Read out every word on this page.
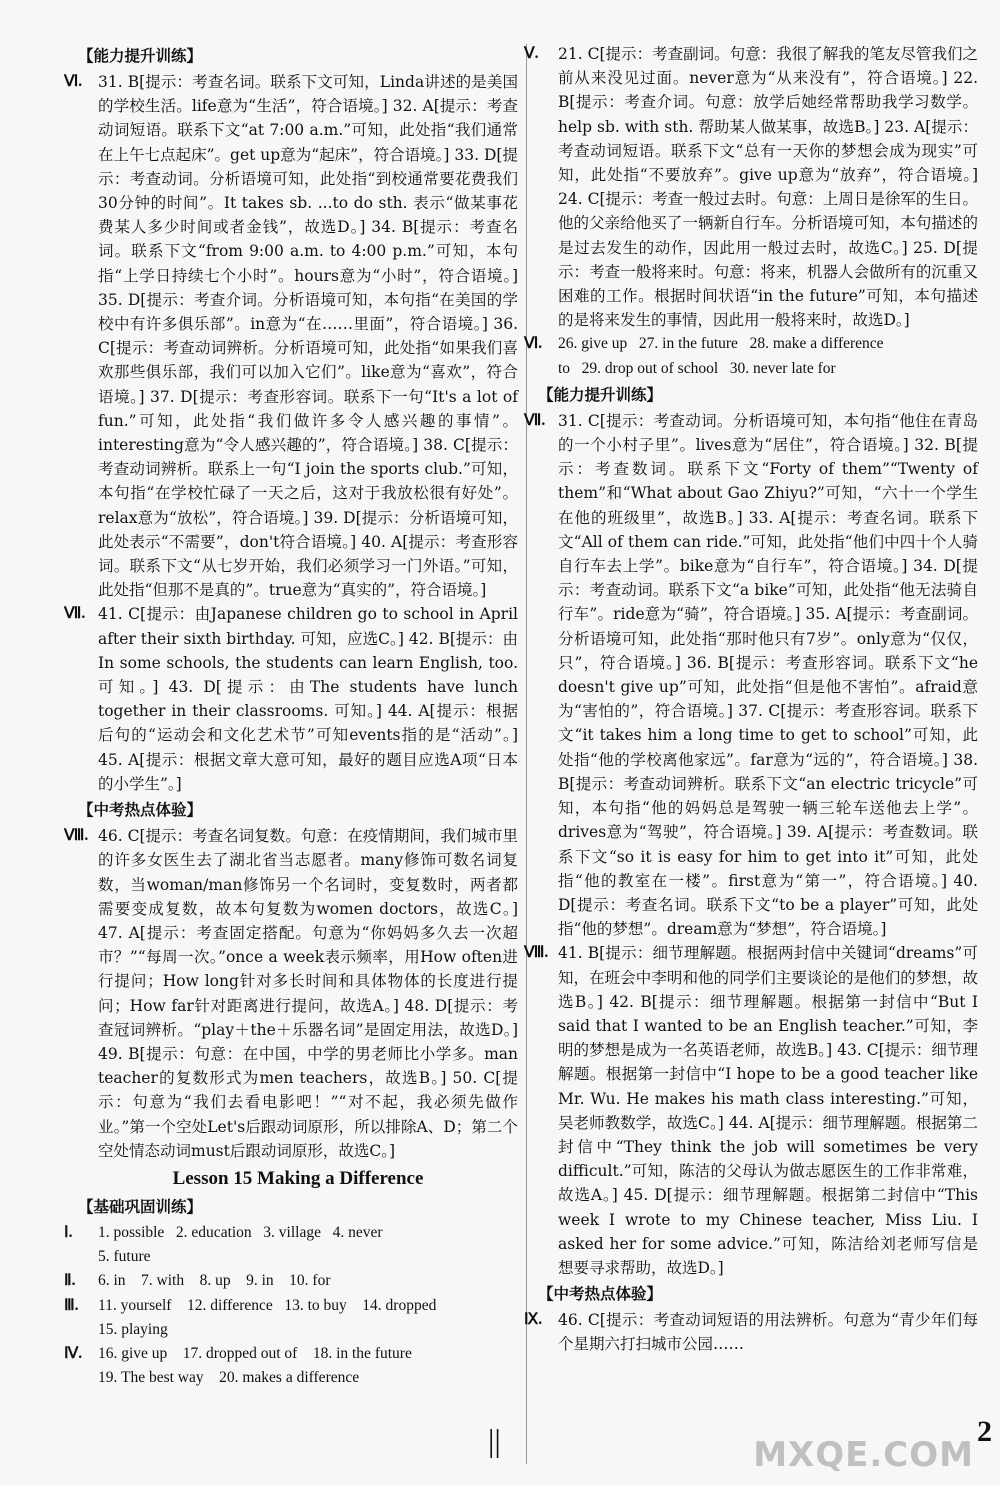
【能力提升训练】
Ⅵ. 31. B[提示：考查名词。联系下文可知，Linda讲述的是美国的学校生活。life意为“生活”，符合语境。] 32. A[提示：考查动词短语。联系下文“at 7:00 a.m.”可知，此处指“我们通常在上午七点起床”。get up意为“起床”，符合语境。] 33. D[提示：考查动词。分析语境可知，此处指“到校通常要花费我们30分钟的时间”。It takes sb. ...to do sth. 表示“做某事花费某人多少时间或者金钱”，故选D。] 34. B[提示：考查名词。联系下文“from 9:00 a.m. to 4:00 p.m.”可知，本句指“上学日持续七个小时”。hours意为“小时”，符合语境。] 35. D[提示：考查介词。分析语境可知，本句指“在美国的学校中有许多俱乐部”。in意为“在……里面”，符合语境。] 36. C[提示：考查动词辨析。分析语境可知，此处指“如果我们喜欢那些俱乐部，我们可以加入它们”。like意为“喜欢”，符合语境。] 37. D[提示：考查形容词。联系下一句“It's a lot of fun.”可知，此处指“我们做许多令人感兴趣的事情”。interesting意为“令人感兴趣的”，符合语境。] 38. C[提示：考查动词辨析。联系上一句“I join the sports club.”可知，本句指“在学校忙碌了一天之后，这对于我放松很有好处”。relax意为“放松”，符合语境。] 39. D[提示：分析语境可知，此处表示“不需要”，don't符合语境。] 40. A[提示：考查形容词。联系下文“从七岁开始，我们必须学习一门外语。”可知，此处指“但那不是真的”。true意为“真实的”，符合语境。]
Ⅶ. 41. C[提示：由Japanese children go to school in April after their sixth birthday. 可知，应选C。] 42. B[提示：由In some schools, the students can learn English, too. 可知。] 43. D[提示：由The students have lunch together in their classrooms. 可知。] 44. A[提示：根据后句的“运动会和文化艺术节”可知events指的是“活动”。] 45. A[提示：根据文章大意可知，最好的题目应选A项“日本的小学生”。]
【中考热点体验】
Ⅷ. 46. C[提示：考查名词复数。句意：在疫情期间，我们城市里的许多女医生去了湖北省当志愿者。many修饰可数名词复数，当woman/man修饰另一个名词时，变复数时，两者都需要变成复数，故本句复数为women doctors，故选C。] 47. A[提示：考查固定搭配。句意为“你妈妈多久去一次超市？”“每周一次。”once a week表示频率，用How often进行提问；How long针对多长时间和具体物体的长度进行提问；How far针对距离进行提问，故选A。] 48. D[提示：考查冠词辨析。“play＋the＋乐器名词”是固定用法，故选D。] 49. B[提示：句意：在中国，中学的男老师比小学多。man teacher的复数形式为men teachers，故选B。] 50. C[提示：句意为“我们去看电影吧！”“对不起，我必须先做作业。”第一个空处Let's后跟动词原形，所以排除A、D；第二个空处情态动词must后跟动词原形，故选C。]
Lesson 15 Making a Difference
【基础巩固训练】
Ⅰ. 1. possible   2. education   3. village   4. never
5. future
Ⅱ. 6. in    7. with    8. up    9. in    10. for
Ⅲ. 11. yourself    12. difference   13. to buy    14. dropped
15. playing
Ⅳ. 16. give up    17. dropped out of    18. in the future
19. The best way    20. makes a difference
Ⅴ. 21. C[提示：考查副词。句意：我很了解我的笔友尽管我们之前从来没见过面。never意为“从来没有”，符合语境。] 22. B[提示：考查介词。句意：放学后她经常帮助我学习数学。help sb. with sth. 帮助某人做某事，故选B。] 23. A[提示：考查动词短语。联系下文“总有一天你的梦想会成为现实”可知，此处指“不要放弃”。give up意为“放弃”，符合语境。] 24. C[提示：考查一般过去时。句意：上周日是徐军的生日。他的父亲给他买了一辆新自行车。分析语境可知，本句描述的是过去发生的动作，因此用一般过去时，故选C。] 25. D[提示：考查一般将来时。句意：将来，机器人会做所有的沉重又困难的工作。根据时间状语“in the future”可知，本句描述的是将来发生的事情，因此用一般将来时，故选D。]
Ⅵ. 26. give up   27. in the future   28. make a difference
to   29. drop out of school   30. never late for
【能力提升训练】
Ⅶ. 31. C[提示：考查动词。分析语境可知，本句指“他住在青岛的一个小村子里”。lives意为“居住”，符合语境。] 32. B[提示：考查数词。联系下文“Forty of them”“Twenty of them”和“What about Gao Zhiyu?”可知，“六十一个学生在他的班级里”，故选B。] 33. A[提示：考查名词。联系下文“All of them can ride.”可知，此处指“他们中四十个人骑自行车去上学”。bike意为“自行车”，符合语境。] 34. D[提示：考查动词。联系下文“a bike”可知，此处指“他无法骑自行车”。ride意为“骑”，符合语境。] 35. A[提示：考查副词。分析语境可知，此处指“那时他只有7岁”。only意为“仅仅，只”，符合语境。] 36. B[提示：考查形容词。联系下文“he doesn't give up”可知，此处指“但是他不害怕”。afraid意为“害怕的”，符合语境。] 37. C[提示：考查形容词。联系下文“it takes him a long time to get to school”可知，此处指“他的学校离他家远”。far意为“远的”，符合语境。] 38. B[提示：考查动词辨析。联系下文“an electric tricycle”可知，本句指“他的妈妈总是驾驶一辆三轮车送他去上学”。drives意为“驾驶”，符合语境。] 39. A[提示：考查数词。联系下文“so it is easy for him to get into it”可知，此处指“他的教室在一楼”。first意为“第一”，符合语境。] 40. D[提示：考查名词。联系下文“to be a player”可知，此处指“他的梦想”。dream意为“梦想”，符合语境。]
Ⅷ. 41. B[提示：细节理解题。根据两封信中关键词“dreams”可知，在班会中李明和他的同学们主要谈论的是他们的梦想，故选B。] 42. B[提示：细节理解题。根据第一封信中“But I said that I wanted to be an English teacher.”可知，李明的梦想是成为一名英语老师，故选B。] 43. C[提示：细节理解题。根据第一封信中“I hope to be a good teacher like Mr. Wu. He makes his math class interesting.”可知，吴老师教数学，故选C。] 44. A[提示：细节理解题。根据第二封信中“They think the job will sometimes be very difficult.”可知，陈洁的父母认为做志愿医生的工作非常难，故选A。] 45. D[提示：细节理解题。根据第二封信中“This week I wrote to my Chinese teacher, Miss Liu. I asked her for some advice.”可知，陈洁给刘老师写信是想要寻求帮助，故选D。]
【中考热点体验】
Ⅸ. 46. C[提示：考查动词短语的用法辨析。句意为“青少年们每个星期六打扫城市公园……
||	MXQE.COM
2
